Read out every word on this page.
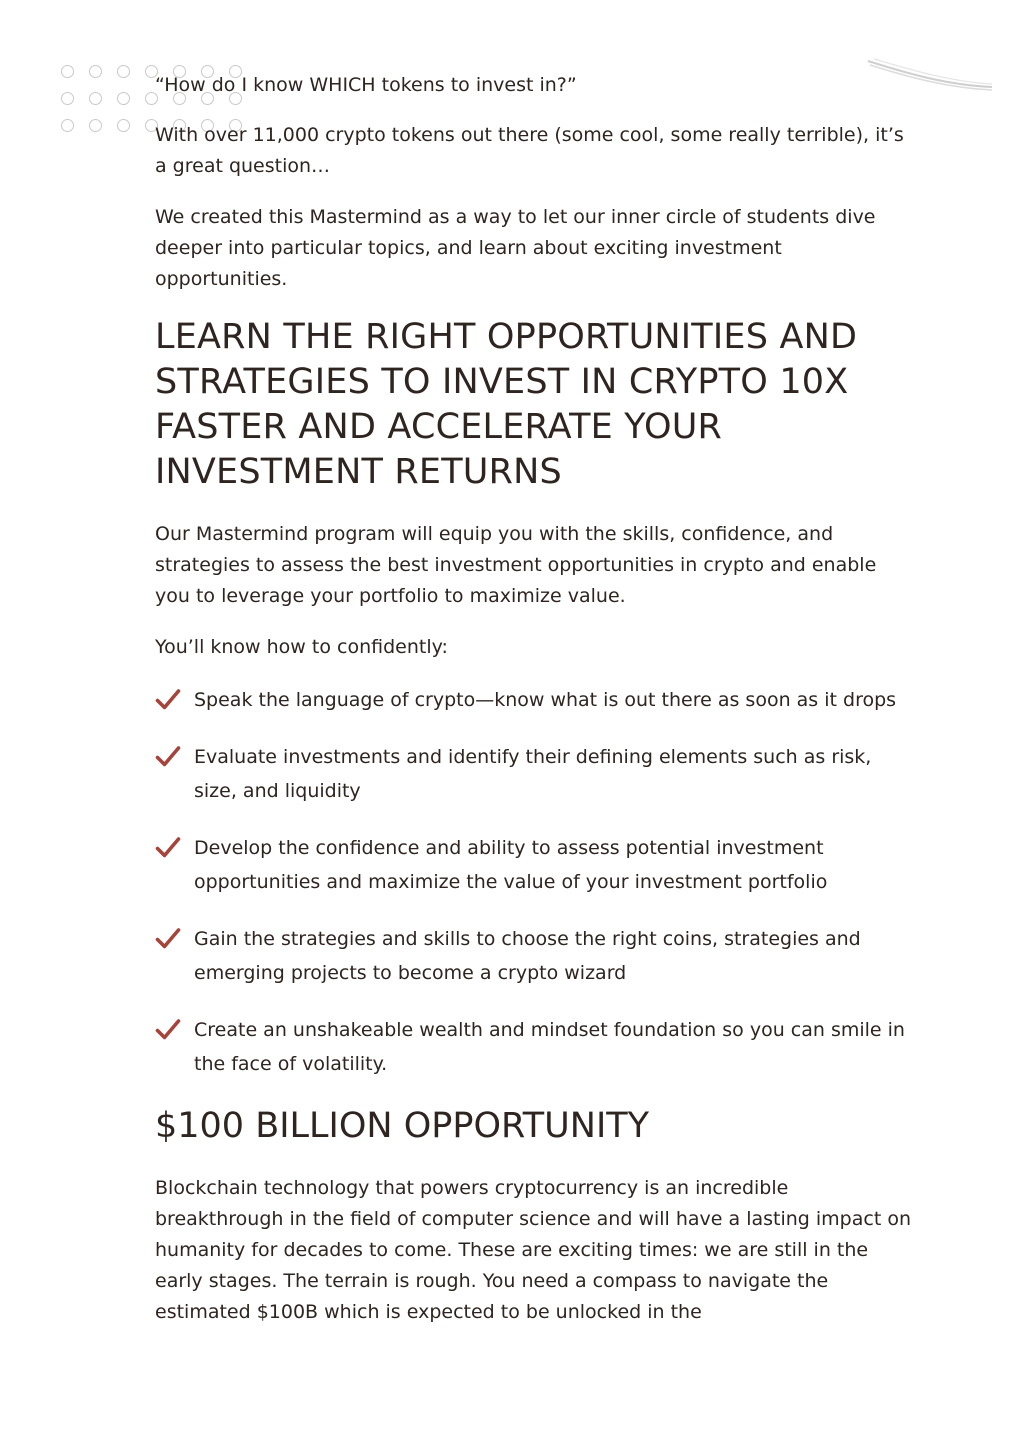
“How do I know WHICH tokens to invest in?”

With over 11,000 crypto tokens out there (some cool, some really terrible), it’s a great question…

We created this Mastermind as a way to let our inner circle of students dive deeper into particular topics, and learn about exciting investment opportunities.

LEARN THE RIGHT OPPORTUNITIES AND STRATEGIES TO INVEST IN CRYPTO 10X FASTER AND ACCELERATE YOUR INVESTMENT RETURNS

Our Mastermind program will equip you with the skills, confidence, and strategies to assess the best investment opportunities in crypto and enable you to leverage your portfolio to maximize value.

You’ll know how to confidently:

Speak the language of crypto—know what is out there as soon as it drops
Evaluate investments and identify their defining elements such as risk, size, and liquidity
Develop the confidence and ability to assess potential investment opportunities and maximize the value of your investment portfolio
Gain the strategies and skills to choose the right coins, strategies and emerging projects to become a crypto wizard
Create an unshakeable wealth and mindset foundation so you can smile in the face of volatility.
$100 BILLION OPPORTUNITY

Blockchain technology that powers cryptocurrency is an incredible breakthrough in the field of computer science and will have a lasting impact on humanity for decades to come. These are exciting times: we are still in the early stages. The terrain is rough. You need a compass to navigate the estimated $100B which is expected to be unlocked in the
